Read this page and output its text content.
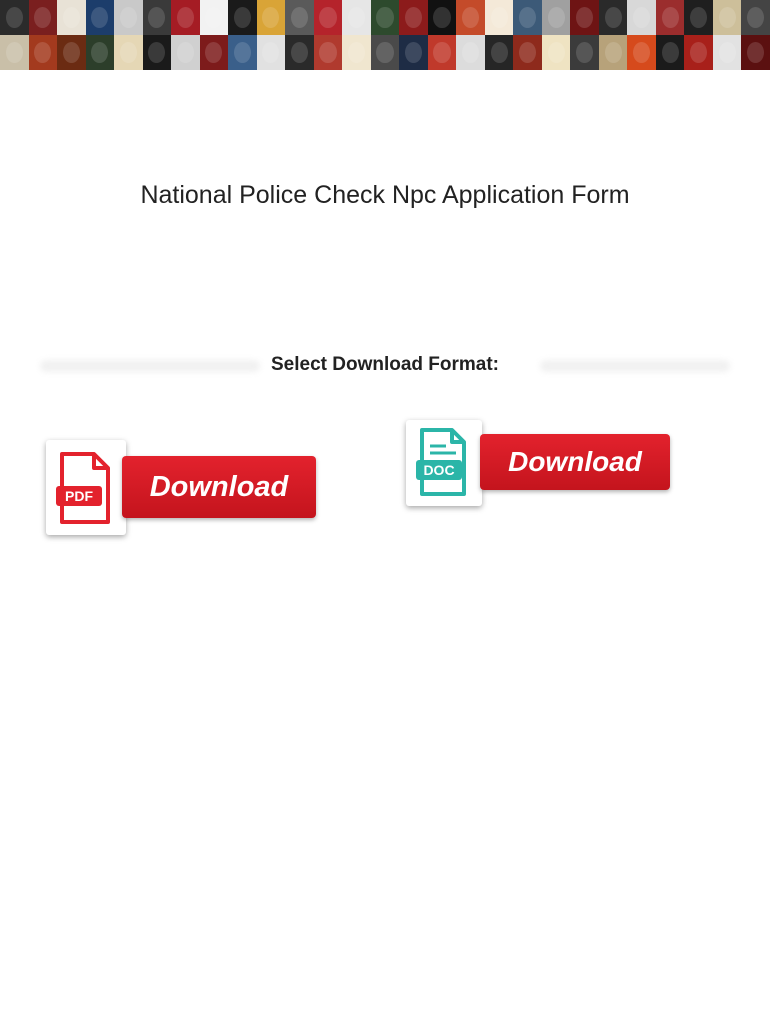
National Police Check Npc Application Form
Select Download Format:
PDF	Download
DOC	Download
